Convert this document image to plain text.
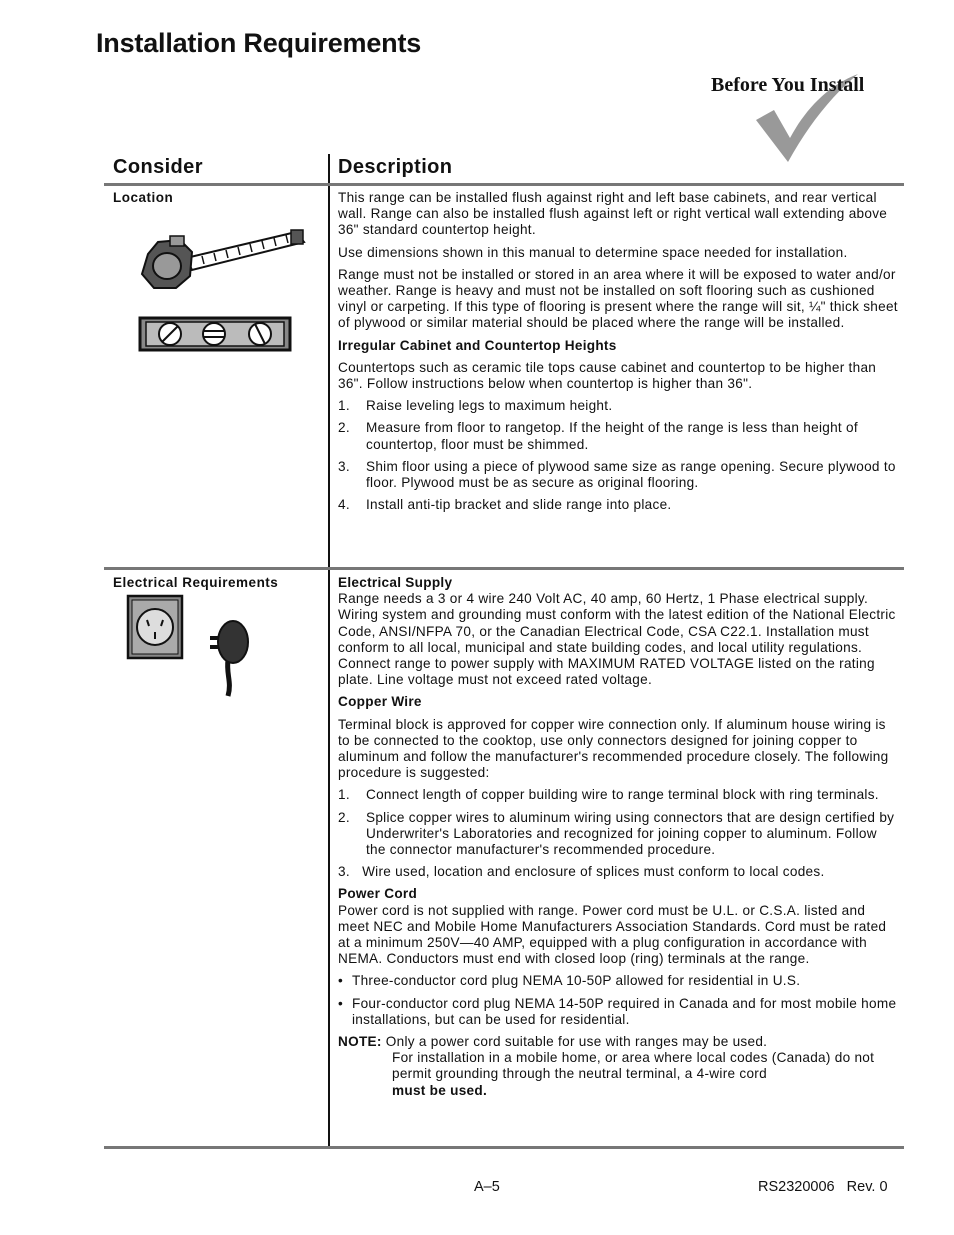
Installation Requirements
Before You Install
Consider	Description
Location	This range can be installed flush against right and left base cabinets, and rear vertical wall. Range can also be installed flush against left or right vertical wall extending above 36" standard countertop height.

Use dimensions shown in this manual to determine space needed for installation.

Range must not be installed or stored in an area where it will be exposed to water and/or weather. Range is heavy and must not be installed on soft flooring such as cushioned vinyl or carpeting. If this type of flooring is present where the range will sit, ¼" thick sheet of plywood or similar material should be placed where the range will be installed.

Irregular Cabinet and Countertop Heights

Countertops such as ceramic tile tops cause cabinet and countertop to be higher than 36". Follow instructions below when countertop is higher than 36".

1. Raise leveling legs to maximum height.
2. Measure from floor to rangetop. If the height of the range is less than height of countertop, floor must be shimmed.
3. Shim floor using a piece of plywood same size as range opening. Secure plywood to floor. Plywood must be as secure as original flooring.
4. Install anti-tip bracket and slide range into place.
Electrical Requirements	Electrical Supply

Range needs a 3 or 4 wire 240 Volt AC, 40 amp, 60 Hertz, 1 Phase electrical supply. Wiring system and grounding must conform with the latest edition of the National Electric Code, ANSI/NFPA 70, or the Canadian Electrical Code, CSA C22.1. Installation must conform to all local, municipal and state building codes, and local utility regulations. Connect range to power supply with MAXIMUM RATED VOLTAGE listed on the rating plate. Line voltage must not exceed rated voltage.

Copper Wire

Terminal block is approved for copper wire connection only. If aluminum house wiring is to be connected to the cooktop, use only connectors designed for joining copper to aluminum and follow the manufacturer's recommended procedure closely. The following procedure is suggested:

1. Connect length of copper building wire to range terminal block with ring terminals.
2. Splice copper wires to aluminum wiring using connectors that are design certified by Underwriter's Laboratories and recognized for joining copper to aluminum. Follow the connector manufacturer's recommended procedure.

3.   Wire used, location and enclosure of splices must conform to local codes.

Power Cord

Power cord is not supplied with range. Power cord must be U.L. or C.S.A. listed and meet NEC and Mobile Home Manufacturers Association Standards. Cord must be rated at a minimum 250V—40 AMP, equipped with a plug configuration in accordance with NEMA. Conductors must end with closed loop (ring) terminals at the range.

• Three-conductor cord plug NEMA 10-50P allowed for residential in U.S.
• Four-conductor cord plug NEMA 14-50P required in Canada and for most mobile home installations, but can be used for residential.

NOTE: Only a power cord suitable for use with ranges may be used.

For installation in a mobile home, or area where local codes (Canada) do not permit grounding through the neutral terminal, a 4-wire cord
must be used.

A–5	RS2320006   Rev. 0
